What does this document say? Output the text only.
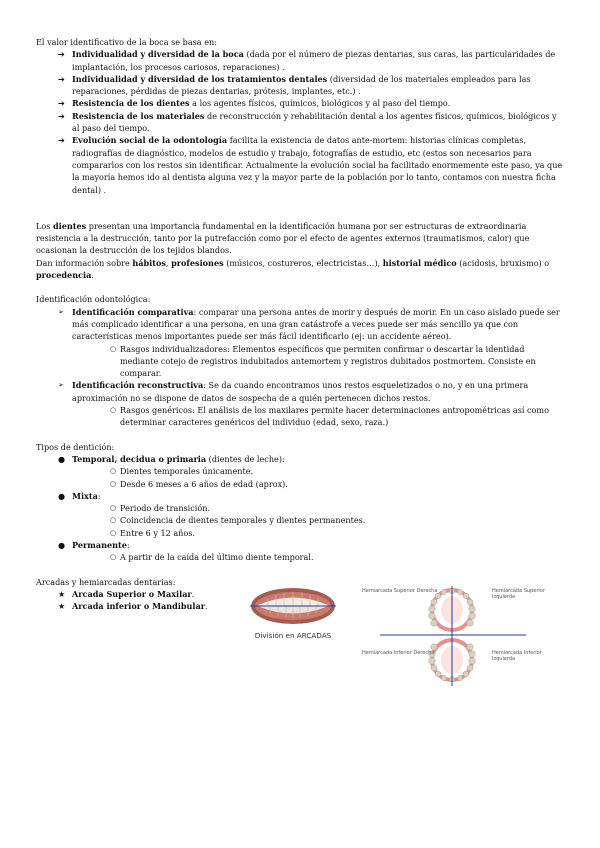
El valor identificativo de la boca se basa en:

➔ Individualidad y diversidad de la boca (dada por el número de piezas dentarias, sus caras, las particularidades de implantación, los procesos cariosos, reparaciones) .
➔ Individualidad y diversidad de los tratamientos dentales (diversidad de los materiales empleados para las reparaciones, pérdidas de piezas dentarias, prótesis, implantes, etc.) .
➔ Resistencia de los dientes a los agentes físicos, químicos, biológicos y al paso del tiempo.
➔ Resistencia de los materiales de reconstrucción y rehabilitación dental a los agentes físicos, químicos, biológicos y al paso del tiempo.
➔ Evolución social de la odontología facilita la existencia de datos ante-mortem: historias clínicas completas, radiografías de diagnóstico, modelos de estudio y trabajo, fotografías de estudio, etc (estos son necesarios para compararlos con los restos sin identificar. Actualmente la evolución social ha facilitado enormemente este paso, ya que la mayoría hemos ido al dentista alguna vez y la mayor parte de la población por lo tanto, contamos con nuestra ficha dental) .

Los dientes presentan una importancia fundamental en la identificación humana por ser estructuras de extraordinaria resistencia a la destrucción, tanto por la putrefacción como por el efecto de agentes externos (traumatismos, calor) que ocasionan la destrucción de los tejidos blandos.

Dan información sobre hábitos, profesiones (músicos, costureros, electricistas…), historial médico (acidosis, bruxismo) o procedencia.

Identificación odontológica:

➢ Identificación comparativa: comparar una persona antes de morir y después de morir. En un caso aislado puede ser más complicado identificar a una persona, en una gran catástrofe a veces puede ser más sencillo ya que con características menos importantes puede ser más fácil identificarlo (ej: un accidente aéreo).
○ Rasgos individualizadores: Elementos específicos que permiten confirmar o descartar la identidad mediante cotejo de registros indubitados antemortem y registros dubitados postmortem. Consiste en comparar.
➢ Identificación reconstructiva: Se da cuando encontramos unos restos esqueletizados o no, y en una primera aproximación no se dispone de datos de sospecha de a quién pertenecen dichos restos.
○ Rasgos genéricos: El análisis de los maxilares permite hacer determinaciones antropométricas así como determinar caracteres genéricos del individuo (edad, sexo, raza.)

Tipos de dentición:

● Temporal, decidua o primaria (dientes de leche):
○ Dientes temporales únicamente.
○ Desde 6 meses a 6 años de edad (aprox).
● Mixta:
○ Periodo de transición.
○ Coincidencia de dientes temporales y dientes permanentes.
○ Entre 6 y 12 años.
● Permanente:
○ A partir de la caída del último diente temporal.

Arcadas y hemiarcadas dentarias:

★ Arcada Superior o Maxilar.
★ Arcada inferior o Mandibular.
División en ARCADAS
Hemiarcada Superior Derecha	Hemiarcada Superior Izquierda
Hemiarcada Inferior Derecha	Hemiarcada Inferior Izquierda
